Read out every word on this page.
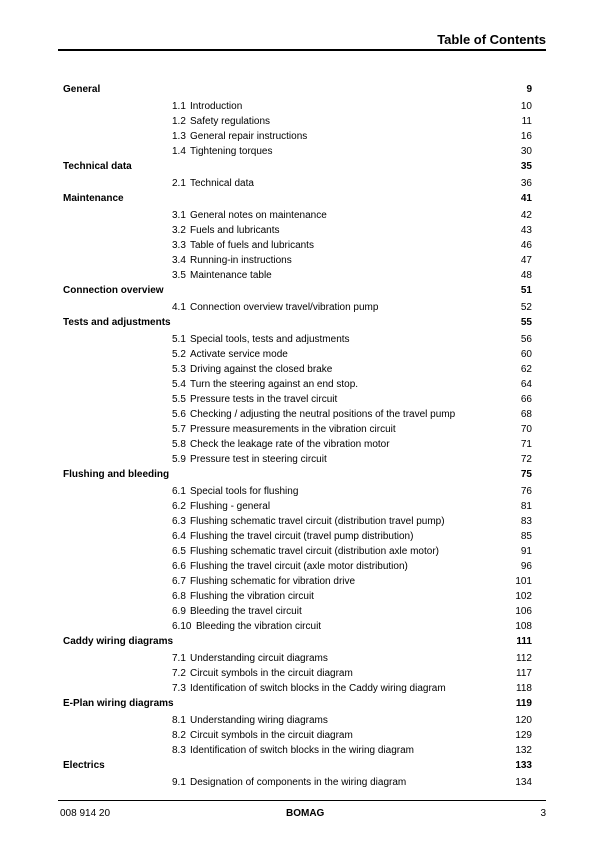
Table of Contents
General	9
1.1 Introduction	10
1.2 Safety regulations	11
1.3 General repair instructions	16
1.4 Tightening torques	30
Technical data	35
2.1 Technical data	36
Maintenance	41
3.1 General notes on maintenance	42
3.2 Fuels and lubricants	43
3.3 Table of fuels and lubricants	46
3.4 Running-in instructions	47
3.5 Maintenance table	48
Connection overview	51
4.1 Connection overview travel/vibration pump	52
Tests and adjustments	55
5.1 Special tools, tests and adjustments	56
5.2 Activate service mode	60
5.3 Driving against the closed brake	62
5.4 Turn the steering against an end stop.	64
5.5 Pressure tests in the travel circuit	66
5.6 Checking / adjusting the neutral positions of the travel pump	68
5.7 Pressure measurements in the vibration circuit	70
5.8 Check the leakage rate of the vibration motor	71
5.9 Pressure test in steering circuit	72
Flushing and bleeding	75
6.1 Special tools for flushing	76
6.2 Flushing - general	81
6.3 Flushing schematic travel circuit (distribution travel pump)	83
6.4 Flushing the travel circuit (travel pump distribution)	85
6.5 Flushing schematic travel circuit (distribution axle motor)	91
6.6 Flushing the travel circuit (axle motor distribution)	96
6.7 Flushing schematic for vibration drive	101
6.8 Flushing the vibration circuit	102
6.9 Bleeding the travel circuit	106
6.10 Bleeding the vibration circuit	108
Caddy wiring diagrams	111
7.1 Understanding circuit diagrams	112
7.2 Circuit symbols in the circuit diagram	117
7.3 Identification of switch blocks in the Caddy wiring diagram	118
E-Plan wiring diagrams	119
8.1 Understanding wiring diagrams	120
8.2 Circuit symbols in the circuit diagram	129
8.3 Identification of switch blocks in the wiring diagram	132
Electrics	133
9.1 Designation of components in the wiring diagram	134
008 914 20	BOMAG	3
